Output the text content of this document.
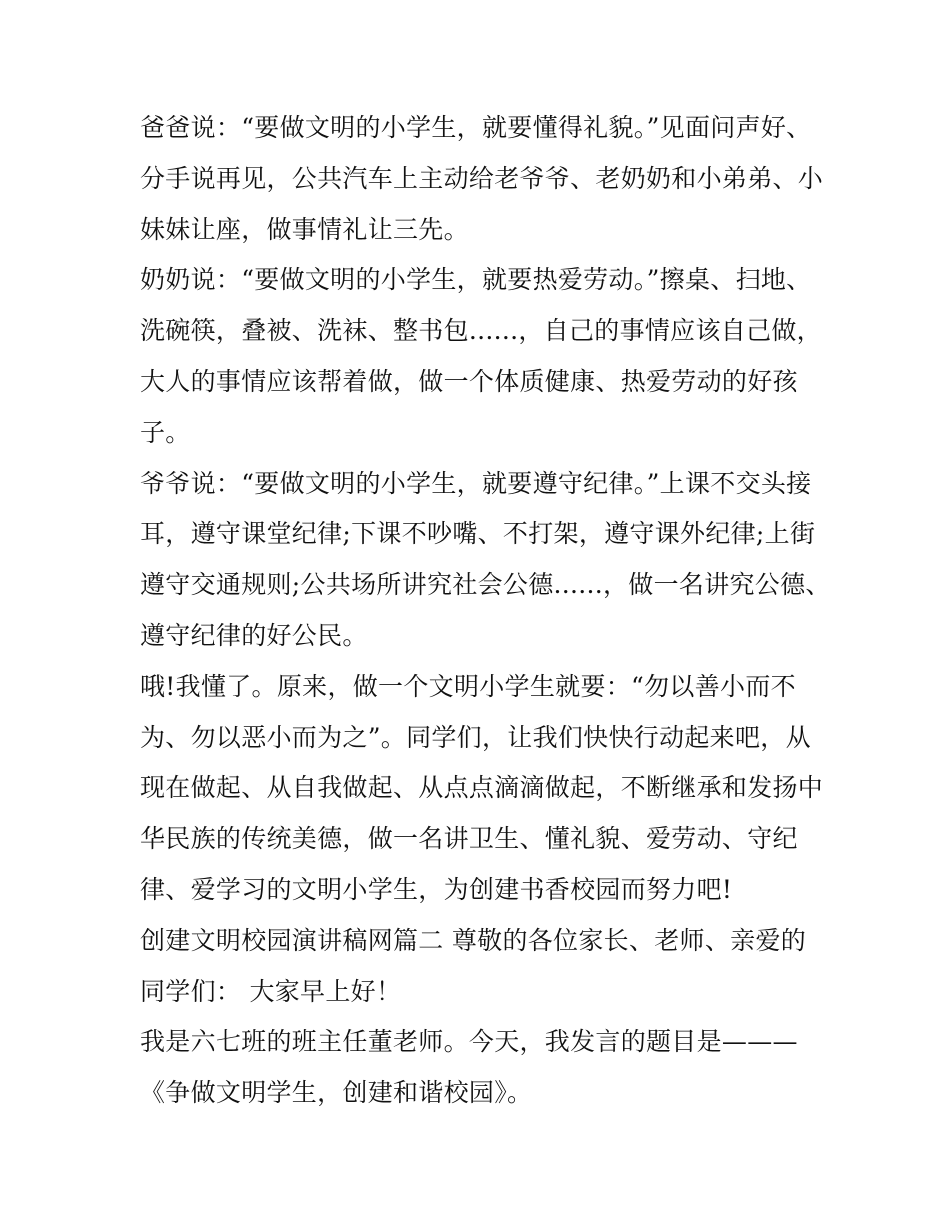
爸爸说：“要做文明的小学生，就要懂得礼貌。”见面问声好、
分手说再见，公共汽车上主动给老爷爷、老奶奶和小弟弟、小
妹妹让座，做事情礼让三先。
奶奶说：“要做文明的小学生，就要热爱劳动。”擦桌、扫地、
洗碗筷，叠被、洗袜、整书包......，自己的事情应该自己做，
大人的事情应该帮着做，做一个体质健康、热爱劳动的好孩
子。
爷爷说：“要做文明的小学生，就要遵守纪律。”上课不交头接
耳，遵守课堂纪律;下课不吵嘴、不打架，遵守课外纪律;上街
遵守交通规则;公共场所讲究社会公德......，做一名讲究公德、
遵守纪律的好公民。
哦!我懂了。原来，做一个文明小学生就要：“勿以善小而不
为、勿以恶小而为之”。同学们，让我们快快行动起来吧，从
现在做起、从自我做起、从点点滴滴做起，不断继承和发扬中
华民族的传统美德，做一名讲卫生、懂礼貌、爱劳动、守纪
律、爱学习的文明小学生，为创建书香校园而努力吧!
创建文明校园演讲稿网篇二 尊敬的各位家长、老师、亲爱的
同学们： 大家早上好！
我是六七班的班主任董老师。今天，我发言的题目是———
《争做文明学生，创建和谐校园》。
